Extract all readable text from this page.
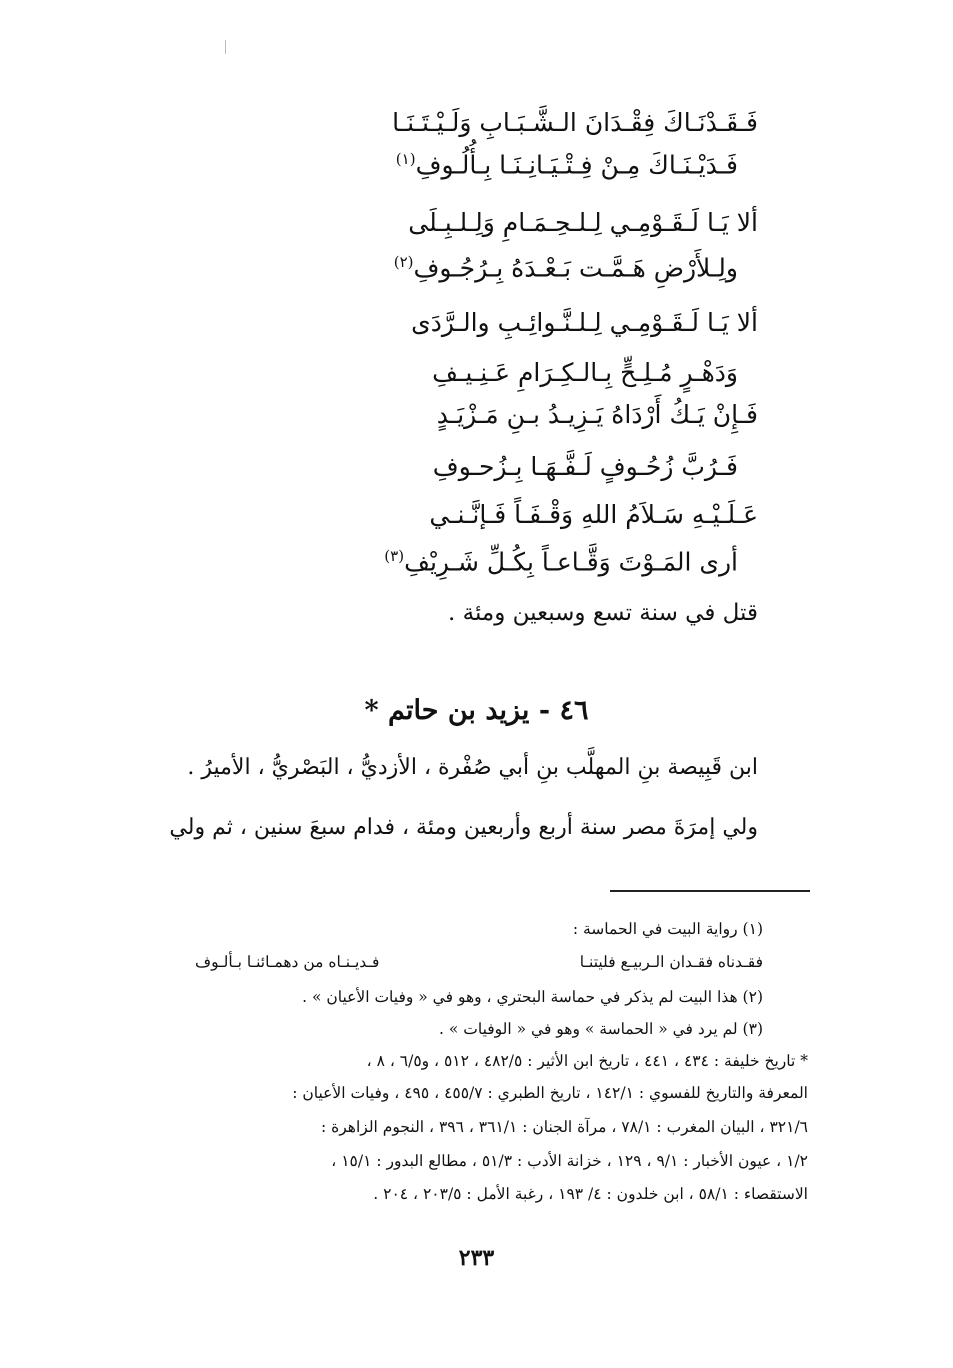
فَـقَـدْنَـاكَ فِقْـدَانَ الـشَّـبَـابِ وَلَـيْـتَـنَـا
فَـدَيْـنَـاكَ مِـنْ فِـتْـيَـانِـنَـا بِـأُلُـوفِ$^{(١)}$
ألا يَـا لَـقَـوْمِـي لِـلـحِـمَـامِ وَلِـلـبِـلَى
ولِـلأَرْضِ هَـمَّـت بَـعْـدَهُ بِـرُجُـوفِ$^{(٢)}$
ألا يَـا لَـقَـوْمِـي لِـلـنَّـوائِـبِ والـرَّدَى
وَدَهْـرٍ مُـلِـحٍّ بِـالـكِـرَامِ عَـنِـيـفِ
فَـإِنْ يَـكُ أَرْدَاهُ يَـزِيـدُ بـنِ مَـزْيَـدٍ
فَـرُبَّ زُحُـوفٍ لَـفَّـهَـا بِـزُحـوفِ
عَـلَـيْـهِ سَـلاَمُ اللهِ وَقْـفَـاً فَـإنَّـنـي
أرى المَـوْتَ وَقَّـاعـاً بِكُـلِّ شَـرِيْفِ$^{(٣)}$
قتل في سنة تسع وسبعين ومئة .
٤٦ - يزيد بن حاتم *
ابن قَبِيصة بنِ المهلَّب بنِ أبي صُفْرة ، الأزديُّ ، البَصْريُّ ، الأميرُ .
ولي إمرَةَ مصر سنة أربع وأربعين ومئة ، فدام سبعَ سنين ، ثم ولي
(١) رواية البيت في الحماسة :
فقـدناه فقـدان الـربيـع فليتنـا
فـديـنـاه من دهمـائنـا بـألـوف
(٢) هذا البيت لم يذكر في حماسة البحتري ، وهو في « وفيات الأعيان » .
(٣) لم يرد في « الحماسة » وهو في « الوفيات » .
* تاريخ خليفة : ٤٣٤ ، ٤٤١ ، تاريخ ابن الأثير : ٤٨٢/٥ ، ٥١٢ ، و٦/٥ ، ٨ ،
المعرفة والتاريخ للفسوي : ١٤٢/١ ، تاريخ الطبري : ٤٥٥/٧ ، ٤٩٥ ، وفيات الأعيان :
٣٢١/٦ ، البيان المغرب : ٧٨/١ ، مرآة الجنان : ٣٦١/١ ، ٣٩٦ ، النجوم الزاهرة :
١/٢ ، عيون الأخبار : ٩/١ ، ١٢٩ ، خزانة الأدب : ٥١/٣ ، مطالع البدور : ١٥/١ ،
الاستقصاء : ٥٨/١ ، ابن خلدون : ٤/ ١٩٣ ، رغبة الأمل : ٢٠٣/٥ ، ٢٠٤ .
٢٣٣
